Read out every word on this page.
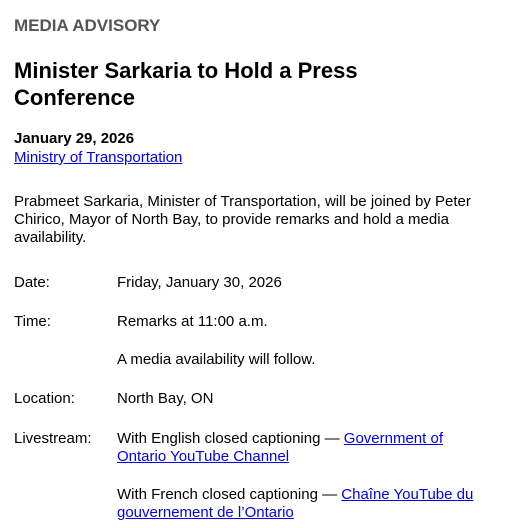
MEDIA ADVISORY

Minister Sarkaria to Hold a Press Conference

January 29, 2026

Ministry of Transportation

Prabmeet Sarkaria, Minister of Transportation, will be joined by Peter Chirico, Mayor of North Bay, to provide remarks and hold a media availability.

Date:	Friday, January 30, 2026
Time:	Remarks at 11:00 a.m.
A media availability will follow.
Location:	North Bay, ON
Livestream: With English closed captioning — Government of Ontario YouTube Channel
With French closed captioning — Chaîne YouTube du gouvernement de l’Ontario
